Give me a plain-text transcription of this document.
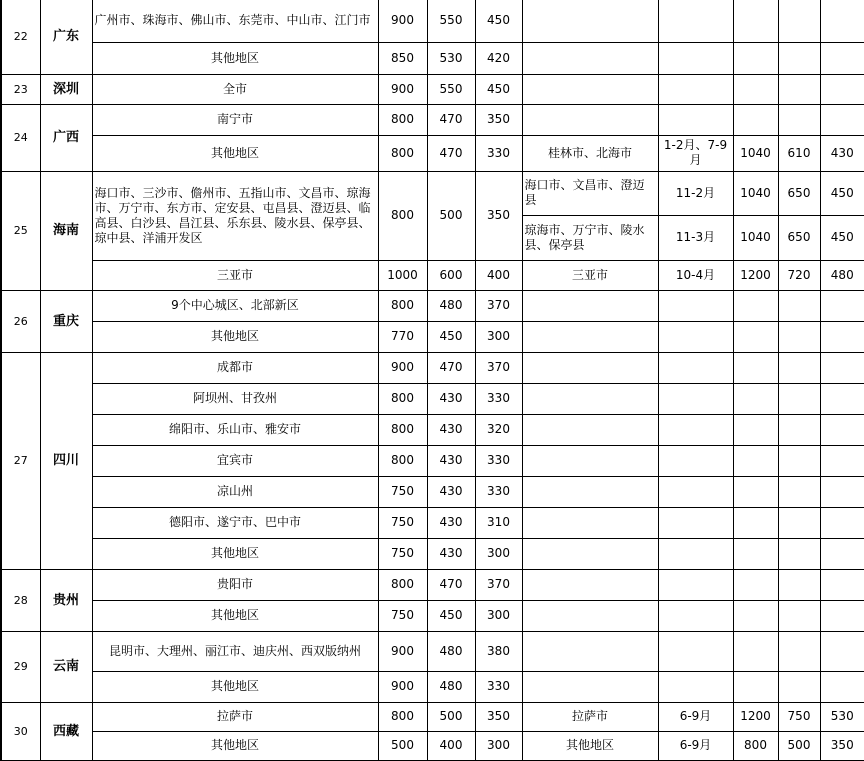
22	广东	广州市、珠海市、佛山市、东莞市、中山市、江门市	900	550	450					
		其他地区	850	530	420					
23	深圳	全市	900	550	450					
24	广西	南宁市	800	470	350					
		其他地区	800	470	330	桂林市、北海市	1-2月、7-9月	1040	610	430
25	海南	海口市、三沙市、儋州市、五指山市、文昌市、琼海市、万宁市、东方市、定安县、屯昌县、澄迈县、临高县、白沙县、昌江县、乐东县、陵水县、保亭县、琼中县、洋浦开发区	800	500	350	海口市、文昌市、澄迈县	11-2月	1040	650	450
						琼海市、万宁市、陵水县、保亭县	11-3月	1040	650	450
		三亚市	1000	600	400	三亚市	10-4月	1200	720	480
26	重庆	9个中心城区、北部新区	800	480	370					
		其他地区	770	450	300					
27	四川	成都市	900	470	370					
		阿坝州、甘孜州	800	430	330					
		绵阳市、乐山市、雅安市	800	430	320					
		宜宾市	800	430	330					
		凉山州	750	430	330					
		德阳市、遂宁市、巴中市	750	430	310					
		其他地区	750	430	300					
28	贵州	贵阳市	800	470	370					
		其他地区	750	450	300					
29	云南	昆明市、大理州、丽江市、迪庆州、西双版纳州	900	480	380					
		其他地区	900	480	330					
30	西藏	拉萨市	800	500	350	拉萨市	6-9月	1200	750	530
		其他地区	500	400	300	其他地区	6-9月	800	500	350
